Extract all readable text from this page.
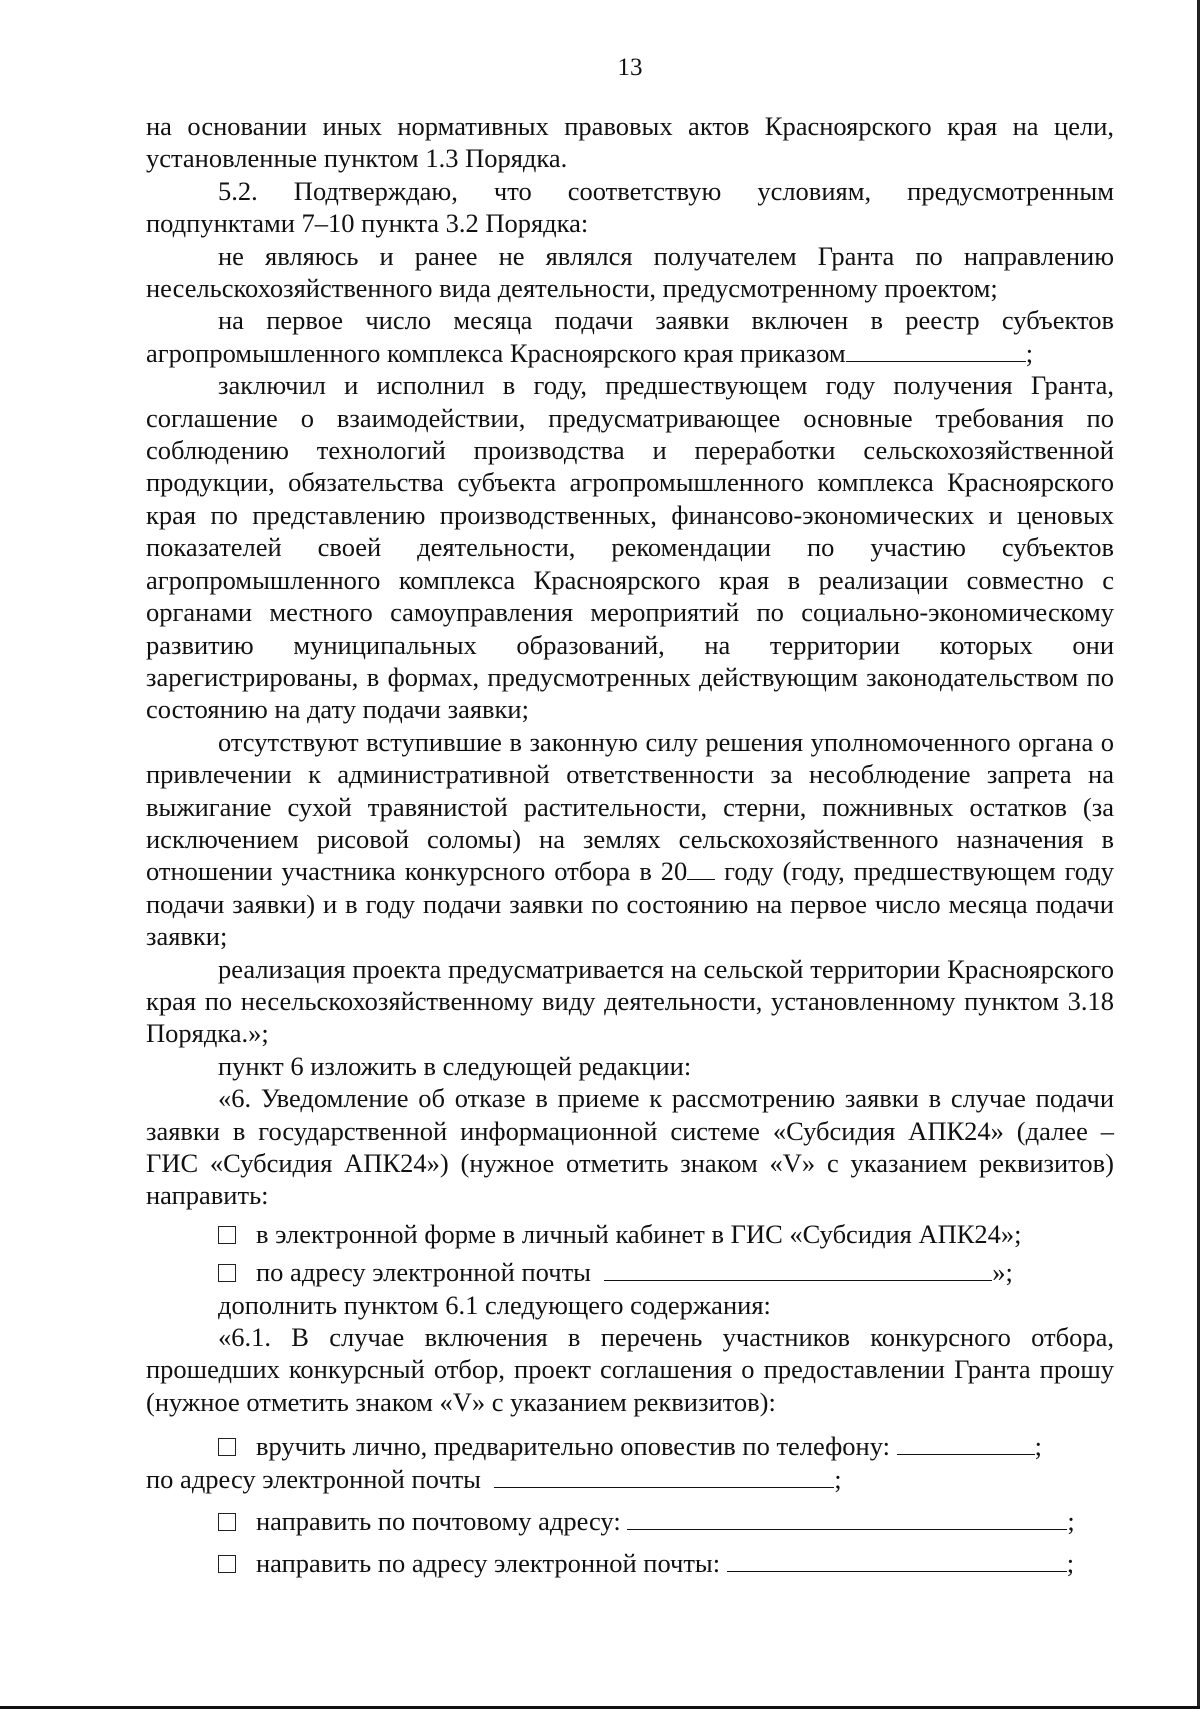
13

на основании иных нормативных правовых актов Красноярского края на цели, установленные пунктом 1.3 Порядка.

5.2. Подтверждаю, что соответствую условиям, предусмотренным подпунктами 7–10 пункта 3.2 Порядка:

не являюсь и ранее не являлся получателем Гранта по направлению несельскохозяйственного вида деятельности, предусмотренному проектом;

на первое число месяца подачи заявки включен в реестр субъектов агропромышленного комплекса Красноярского края приказом	;

заключил и исполнил в году, предшествующем году получения Гранта, соглашение о взаимодействии, предусматривающее основные требования по соблюдению технологий производства и переработки сельскохозяйственной продукции, обязательства субъекта агропромышленного комплекса Красноярского края по представлению производственных, финансово-экономических и ценовых показателей своей деятельности, рекомендации по участию субъектов агропромышленного комплекса Красноярского края в реализации совместно с органами местного самоуправления мероприятий по социально-экономическому развитию муниципальных образований, на территории которых они зарегистрированы, в формах, предусмотренных действующим законодательством по состоянию на дату подачи заявки;

отсутствуют вступившие в законную силу решения уполномоченного органа о привлечении к административной ответственности за несоблюдение запрета на выжигание сухой травянистой растительности, стерни, пожнивных остатков (за исключением рисовой соломы) на землях сельскохозяйственного назначения в отношении участника конкурсного отбора в 20 году (году, предшествующем году подачи заявки) и в году подачи заявки по состоянию на первое число месяца подачи заявки;

реализация проекта предусматривается на сельской территории Красноярского края по несельскохозяйственному виду деятельности, установленному пунктом 3.18 Порядка.»;

пункт 6 изложить в следующей редакции:

«6. Уведомление об отказе в приеме к рассмотрению заявки в случае подачи заявки в государственной информационной системе «Субсидия АПК24» (далее – ГИС «Субсидия АПК24») (нужное отметить знаком «V» с указанием реквизитов) направить:

в электронной форме в личный кабинет в ГИС «Субсидия АПК24»;
по адресу электронной почты
	»;

дополнить пунктом 6.1 следующего содержания:

«6.1. В случае включения в перечень участников конкурсного отбора, прошедших конкурсный отбор, проект соглашения о предоставлении Гранта прошу (нужное отметить знаком «V» с указанием реквизитов):

вручить лично, предварительно оповестив по телефону:
	;

по адресу электронной почты	;

направить по почтовому адресу:
	;
направить по адресу электронной почты:
	;
